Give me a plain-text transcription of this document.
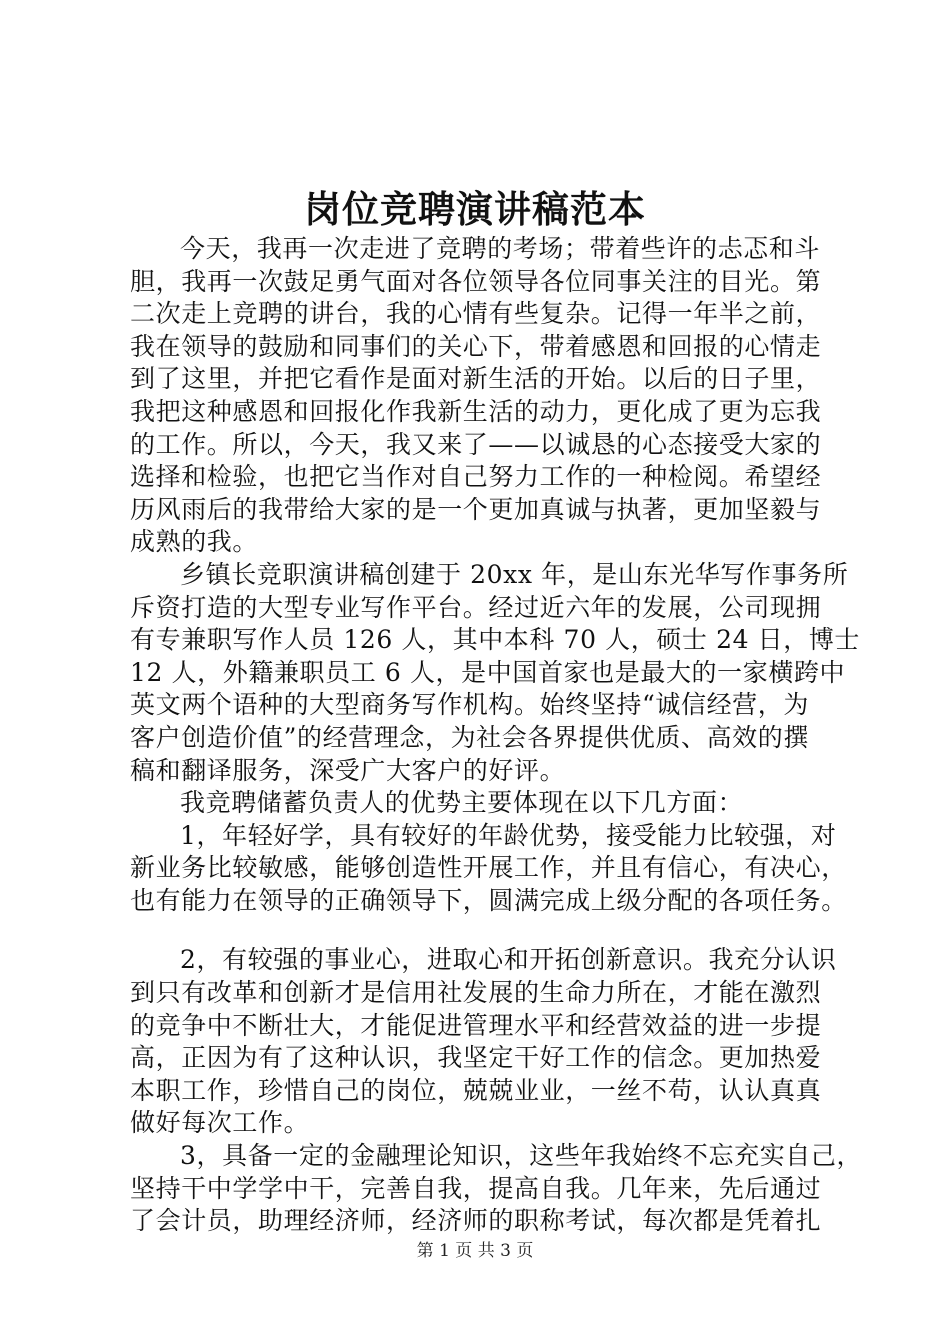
岗位竞聘演讲稿范本
今天，我再一次走进了竞聘的考场；带着些许的忐忑和斗
胆，我再一次鼓足勇气面对各位领导各位同事关注的目光。第
二次走上竞聘的讲台，我的心情有些复杂。记得一年半之前，
我在领导的鼓励和同事们的关心下，带着感恩和回报的心情走
到了这里，并把它看作是面对新生活的开始。以后的日子里，
我把这种感恩和回报化作我新生活的动力，更化成了更为忘我
的工作。所以，今天，我又来了——以诚恳的心态接受大家的
选择和检验，也把它当作对自己努力工作的一种检阅。希望经
历风雨后的我带给大家的是一个更加真诚与执著，更加坚毅与
成熟的我。
乡镇长竞职演讲稿创建于 20xx 年，是山东光华写作事务所
斥资打造的大型专业写作平台。经过近六年的发展，公司现拥
有专兼职写作人员 126 人，其中本科 70 人，硕士 24 日，博士
12 人，外籍兼职员工 6 人，是中国首家也是最大的一家横跨中
英文两个语种的大型商务写作机构。始终坚持“诚信经营，为
客户创造价值”的经营理念，为社会各界提供优质、高效的撰
稿和翻译服务，深受广大客户的好评。
我竞聘储蓄负责人的优势主要体现在以下几方面：
1，年轻好学，具有较好的年龄优势，接受能力比较强，对
新业务比较敏感，能够创造性开展工作，并且有信心，有决心，
也有能力在领导的正确领导下，圆满完成上级分配的各项任务。
2，有较强的事业心，进取心和开拓创新意识。我充分认识
到只有改革和创新才是信用社发展的生命力所在，才能在激烈
的竞争中不断壮大，才能促进管理水平和经营效益的进一步提
高，正因为有了这种认识，我坚定干好工作的信念。更加热爱
本职工作，珍惜自己的岗位，兢兢业业，一丝不苟，认认真真
做好每次工作。
3，具备一定的金融理论知识，这些年我始终不忘充实自己，
坚持干中学学中干，完善自我，提高自我。几年来，先后通过
了会计员，助理经济师，经济师的职称考试，每次都是凭着扎
第 1 页 共 3 页
